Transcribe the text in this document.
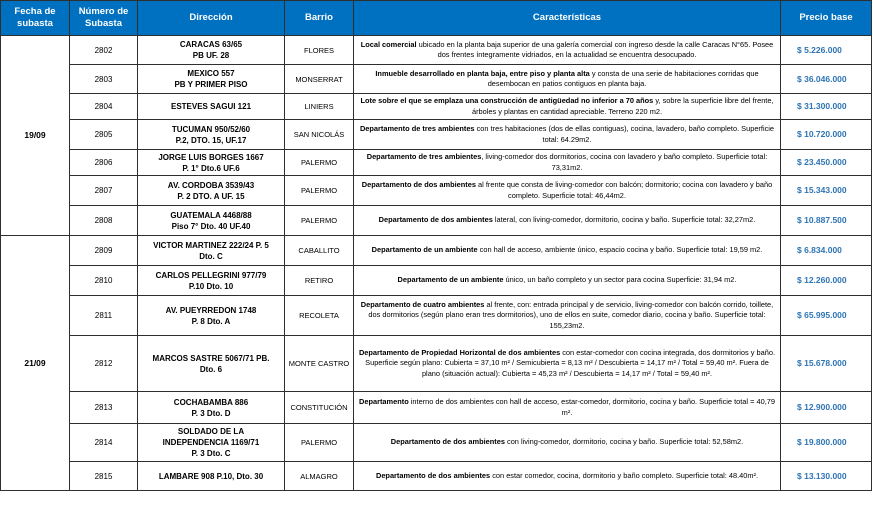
Fecha de subasta	Número de Subasta	Dirección	Barrio	Características	Precio base
19/09	2802	CARACAS 63/65
PB UF. 28	FLORES	Local comercial ubicado en la planta baja superior de una galería comercial con ingreso desde la calle Caracas N°65. Posee dos frentes íntegramente vidriados, en la actualidad se encuentra desocupado.	$ 5.226.000
	2803	MEXICO 557
PB Y PRIMER PISO	MONSERRAT	Inmueble desarrollado en planta baja, entre piso y planta alta y consta de una serie de habitaciones corridas que desembocan en patios contiguos en planta baja.	$ 36.046.000
	2804	ESTEVES SAGUI 121	LINIERS	Lote sobre el que se emplaza una construcción de antigüedad no inferior a 70 años y, sobre la superficie libre del frente, árboles y plantas en cantidad apreciable. Terreno 220 m2.	$ 31.300.000
	2805	TUCUMAN 950/52/60
P.2, DTO. 15, UF.17	SAN NICOLÁS	Departamento de tres ambientes con tres habitaciones (dos de ellas contiguas), cocina, lavadero, baño completo. Superficie total: 64.29m2.	$ 10.720.000
	2806	JORGE LUIS BORGES 1667
P. 1° Dto.6 UF.6	PALERMO	Departamento de tres ambientes, living-comedor dos dormitorios, cocina con lavadero y baño completo. Superficie total: 73,31m2.	$ 23.450.000
	2807	AV. CORDOBA 3539/43
P. 2 DTO. A UF. 15	PALERMO	Departamento de dos ambientes al frente que consta de living-comedor con balcón; dormitorio; cocina con lavadero y baño completo. Superficie total: 46,44m2.	$ 15.343.000
	2808	GUATEMALA 4468/88
Piso 7° Dto. 40 UF.40	PALERMO	Departamento de dos ambientes lateral, con living-comedor, dormitorio, cocina y baño. Superficie total: 32,27m2.	$ 10.887.500
21/09	2809	VICTOR MARTINEZ 222/24 P. 5
Dto. C	CABALLITO	Departamento de un ambiente con hall de acceso, ambiente único, espacio cocina y baño. Superficie total: 19,59 m2.	$ 6.834.000
	2810	CARLOS PELLEGRINI 977/79
P.10 Dto. 10	RETIRO	Departamento de un ambiente único, un baño completo y un sector para cocina Superficie: 31,94 m2.	$ 12.260.000
	2811	AV. PUEYRREDON 1748
P. 8 Dto. A	RECOLETA	Departamento de cuatro ambientes al frente, con: entrada principal y de servicio, living-comedor con balcón corrido, toillete, dos dormitorios (según plano eran tres dormitorios), uno de ellos en suite, comedor diario, cocina y baño. Superficie total: 155,23m2.	$ 65.995.000
	2812	MARCOS SASTRE 5067/71 PB.
Dto. 6	MONTE CASTRO	Departamento de Propiedad Horizontal de dos ambientes con estar-comedor con cocina integrada, dos dormitorios y baño. Superficie según plano: Cubierta = 37,10 m² / Semicubierta = 8,13 m² / Descubierta = 14,17 m² / Total = 59,40 m². Fuera de plano (situación actual): Cubierta = 45,23 m² / Descubierta = 14,17 m² / Total = 59,40 m².	$ 15.678.000
	2813	COCHABAMBA 886
P. 3 Dto. D	CONSTITUCIÓN	Departamento interno de dos ambientes con hall de acceso, estar-comedor, dormitorio, cocina y baño. Superficie total = 40,79 m².	$ 12.900.000
	2814	SOLDADO DE LA
INDEPENDENCIA 1169/71
P. 3 Dto. C	PALERMO	Departamento de dos ambientes con living-comedor, dormitorio, cocina y baño. Superficie total: 52,58m2.	$ 19.800.000
	2815	LAMBARE 908 P.10, Dto. 30	ALMAGRO	Departamento de dos ambientes con estar comedor, cocina, dormitorio y baño completo. Superficie total: 48.40m².	$ 13.130.000
